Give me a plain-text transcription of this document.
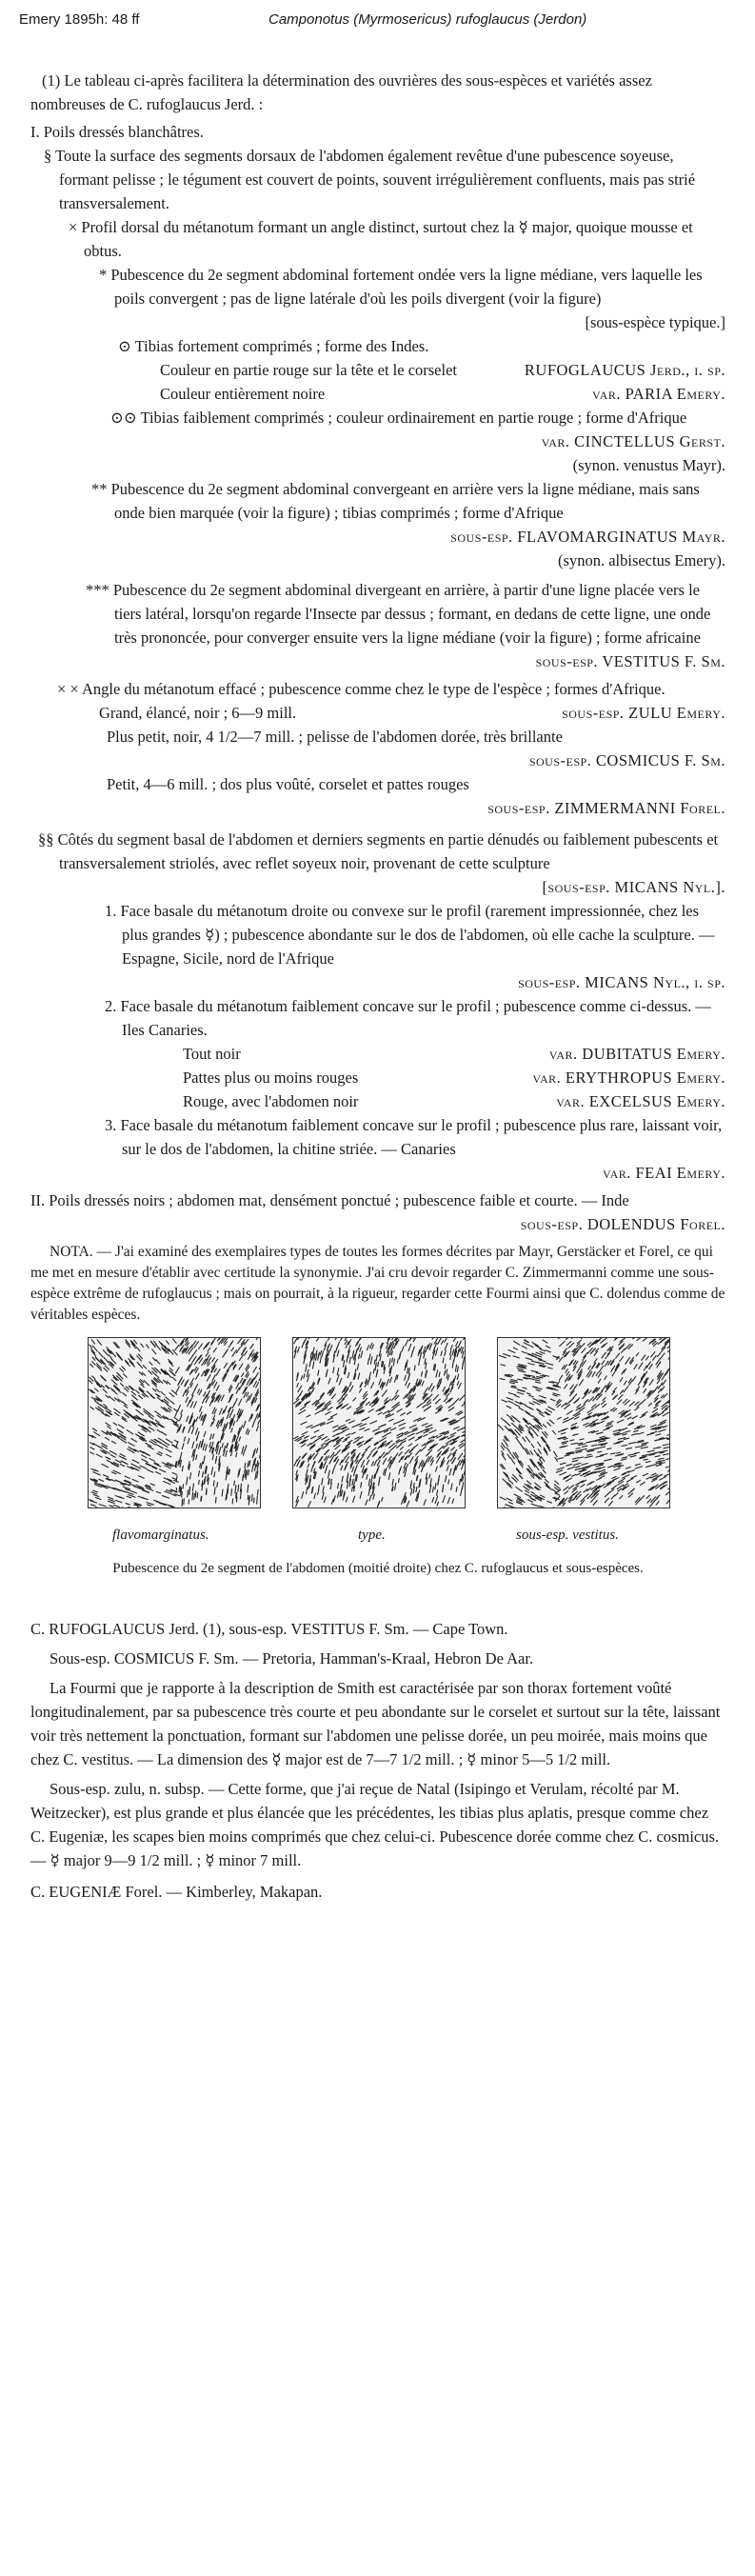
Emery 1895h: 48 ff	Camponotus (Myrmosericus) rufoglaucus (Jerdon)

(1) Le tableau ci-après facilitera la détermination des ouvrières des sous-espèces et variétés assez nombreuses de C. rufoglaucus Jerd. :

I. Poils dressés blanchâtres.

§ Toute la surface des segments dorsaux de l'abdomen également revêtue d'une pubescence soyeuse, formant pelisse ; le tégument est couvert de points, souvent irrégulièrement confluents, mais pas strié transversalement.

× Profil dorsal du métanotum formant un angle distinct, surtout chez la ☿ major, quoique mousse et obtus.

* Pubescence du 2e segment abdominal fortement ondée vers la ligne médiane, vers laquelle les poils convergent ; pas de ligne latérale d'où les poils divergent (voir la figure)

[sous-espèce typique.]

⊙ Tibias fortement comprimés ; forme des Indes.

Couleur en partie rouge sur la tête et le corselet	RUFOGLAUCUS Jerd., i. sp.
Couleur entièrement noire	var. PARIA Emery.

⊙⊙ Tibias faiblement comprimés ; couleur ordinairement en partie rouge ; forme d'Afrique

var. CINCTELLUS Gerst.

(synon. venustus Mayr).

** Pubescence du 2e segment abdominal convergeant en arrière vers la ligne médiane, mais sans onde bien marquée (voir la figure) ; tibias comprimés ; forme d'Afrique

sous-esp. FLAVOMARGINATUS Mayr.

(synon. albisectus Emery).

*** Pubescence du 2e segment abdominal divergeant en arrière, à partir d'une ligne placée vers le tiers latéral, lorsqu'on regarde l'Insecte par dessus ; formant, en dedans de cette ligne, une onde très prononcée, pour converger ensuite vers la ligne médiane (voir la figure) ; forme africaine

sous-esp. VESTITUS F. Sm.

× × Angle du métanotum effacé ; pubescence comme chez le type de l'espèce ; formes d'Afrique.

Grand, élancé, noir ; 6—9 mill.	sous-esp. ZULU Emery.

Plus petit, noir, 4 1/2—7 mill. ; pelisse de l'abdomen dorée, très brillante

sous-esp. COSMICUS F. Sm.

Petit, 4—6 mill. ; dos plus voûté, corselet et pattes rouges

sous-esp. ZIMMERMANNI Forel.

§§ Côtés du segment basal de l'abdomen et derniers segments en partie dénudés ou faiblement pubescents et transversalement striolés, avec reflet soyeux noir, provenant de cette sculpture

[sous-esp. MICANS Nyl.].

1. Face basale du métanotum droite ou convexe sur le profil (rarement impressionnée, chez les plus grandes ☿) ; pubescence abondante sur le dos de l'abdomen, où elle cache la sculpture. — Espagne, Sicile, nord de l'Afrique

sous-esp. MICANS Nyl., i. sp.

2. Face basale du métanotum faiblement concave sur le profil ; pubescence comme ci-dessus. — Iles Canaries.

Tout noir	var. DUBITATUS Emery.
Pattes plus ou moins rouges	var. ERYTHROPUS Emery.
Rouge, avec l'abdomen noir	var. EXCELSUS Emery.

3. Face basale du métanotum faiblement concave sur le profil ; pubescence plus rare, laissant voir, sur le dos de l'abdomen, la chitine striée. — Canaries

var. FEAI Emery.

II. Poils dressés noirs ; abdomen mat, densément ponctué ; pubescence faible et courte. — Inde

sous-esp. DOLENDUS Forel.

NOTA. — J'ai examiné des exemplaires types de toutes les formes décrites par Mayr, Gerstäcker et Forel, ce qui me met en mesure d'établir avec certitude la synonymie. J'ai cru devoir regarder C. Zimmermanni comme une sous-espèce extrême de rufoglaucus ; mais on pourrait, à la rigueur, regarder cette Fourmi ainsi que C. dolendus comme de véritables espèces.

flavomarginatus.	type.	sous-esp. vestitus.
Pubescence du 2e segment de l'abdomen (moitié droite) chez C. rufoglaucus et sous-espèces.

C. RUFOGLAUCUS Jerd. (1), sous-esp. VESTITUS F. Sm. — Cape Town.

Sous-esp. COSMICUS F. Sm. — Pretoria, Hamman's-Kraal, Hebron De Aar.

La Fourmi que je rapporte à la description de Smith est caractérisée par son thorax fortement voûté longitudinalement, par sa pubescence très courte et peu abondante sur le corselet et surtout sur la tête, laissant voir très nettement la ponctuation, formant sur l'abdomen une pelisse dorée, un peu moirée, mais moins que chez C. vestitus. — La dimension des ☿ major est de 7—7 1/2 mill. ; ☿ minor 5—5 1/2 mill.

Sous-esp. zulu, n. subsp. — Cette forme, que j'ai reçue de Natal (Isipingo et Verulam, récolté par M. Weitzecker), est plus grande et plus élancée que les précédentes, les tibias plus aplatis, presque comme chez C. Eugeniæ, les scapes bien moins comprimés que chez celui-ci. Pubescence dorée comme chez C. cosmicus. — ☿ major 9—9 1/2 mill. ; ☿ minor 7 mill.

C. EUGENIÆ Forel. — Kimberley, Makapan.
